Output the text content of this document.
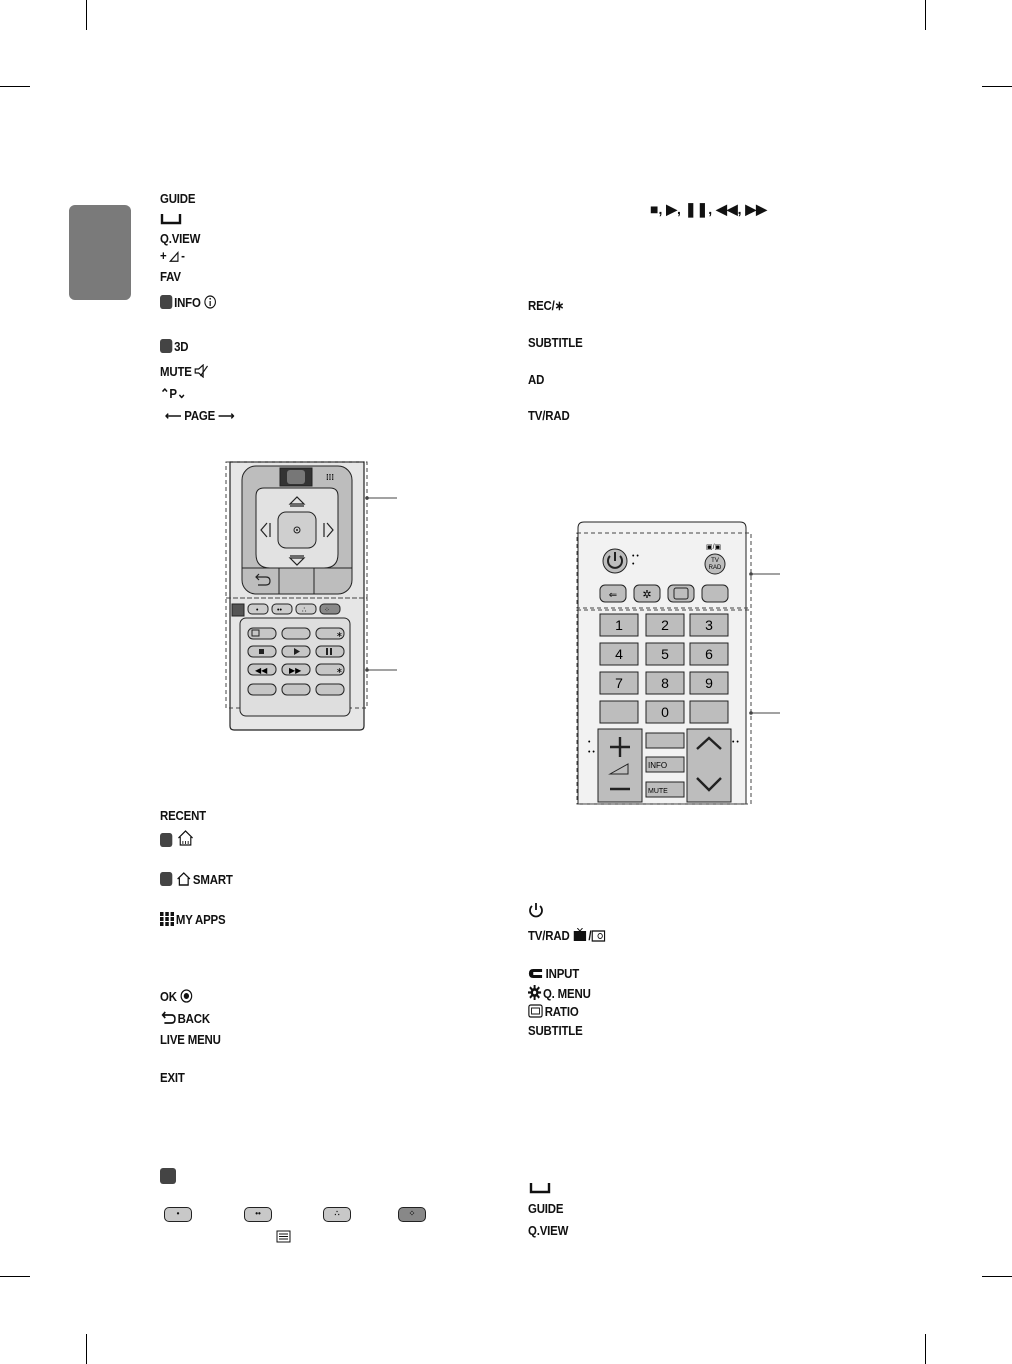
GUIDE
Q.VIEW
+ ◿ -
FAV
INFO
3D
MUTE
⌃P⌄
⟵ PAGE ⟶
⁞⁞⁞
•	••	∴	⁘
∗
◀◀	▶▶	∗
RECENT

SMART
MY APPS
OK
BACK
LIVE MENU
EXIT
•	••	∴	⁘
■, ▶, ❚❚, ◀◀, ▶▶
REC/∗
SUBTITLE
AD
TV/RAD
• •
•
▣/▣
TV
RAD
⇐ ✲
1	2	3
4	5	6
7	8	9
0
INFO
MUTE
•
• •
• •
TV/RAD /
INPUT
Q. MENU
RATIO
SUBTITLE
GUIDE
Q.VIEW
